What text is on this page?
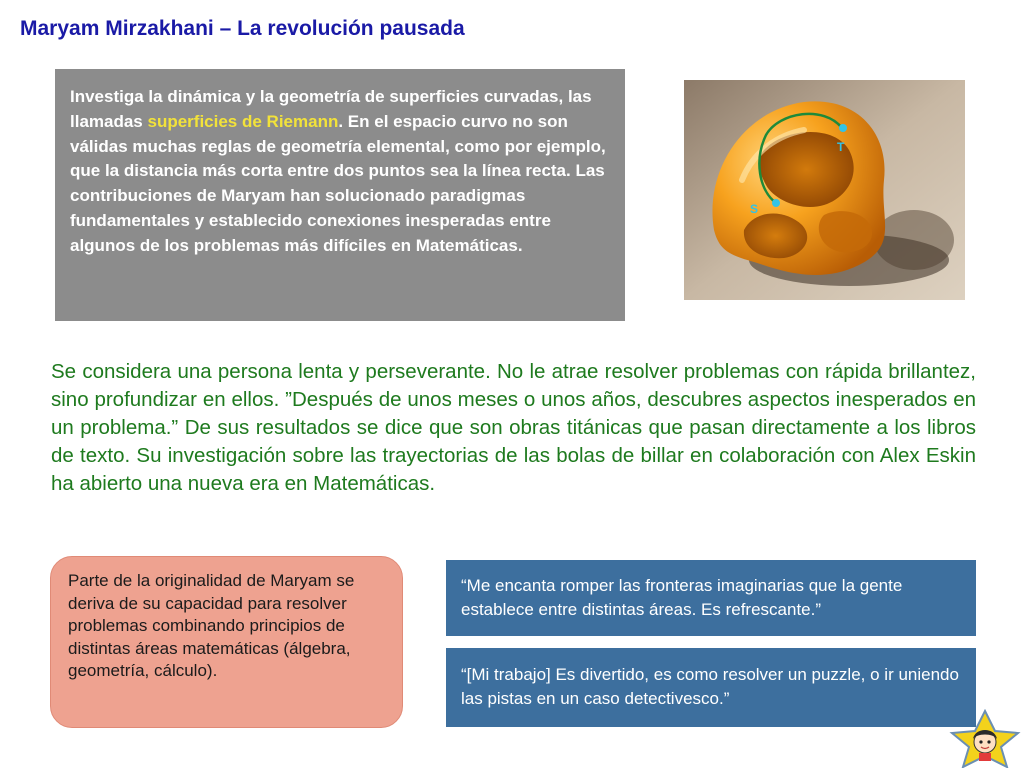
Maryam Mirzakhani – La revolución pausada

Investiga la dinámica y la geometría de superficies curvadas, las llamadas superficies de Riemann. En el espacio curvo no son válidas muchas reglas de geometría elemental, como por ejemplo, que la distancia más corta entre dos puntos sea la línea recta. Las contribuciones de Maryam han solucionado paradigmas fundamentales y establecido conexiones inesperadas entre algunos de los problemas más difíciles en Matemáticas.

S
T

Se considera una persona lenta y perseverante. No le atrae resolver problemas con rápida brillantez, sino profundizar en ellos. ”Después de unos meses o unos años, descubres aspectos inesperados en un problema.” De sus resultados se dice que son obras titánicas que pasan directamente a los libros de texto. Su investigación sobre las trayectorias de las bolas de billar en colaboración con Alex Eskin ha abierto una nueva era en Matemáticas.

Parte de la originalidad de Maryam se deriva de su capacidad para resolver problemas combinando principios de distintas áreas matemáticas (álgebra, geometría, cálculo).

“Me encanta romper las fronteras imaginarias que la gente establece entre distintas áreas. Es refrescante.”

“[Mi trabajo] Es divertido, es como resolver un puzzle, o ir uniendo las pistas en un caso detectivesco.”
